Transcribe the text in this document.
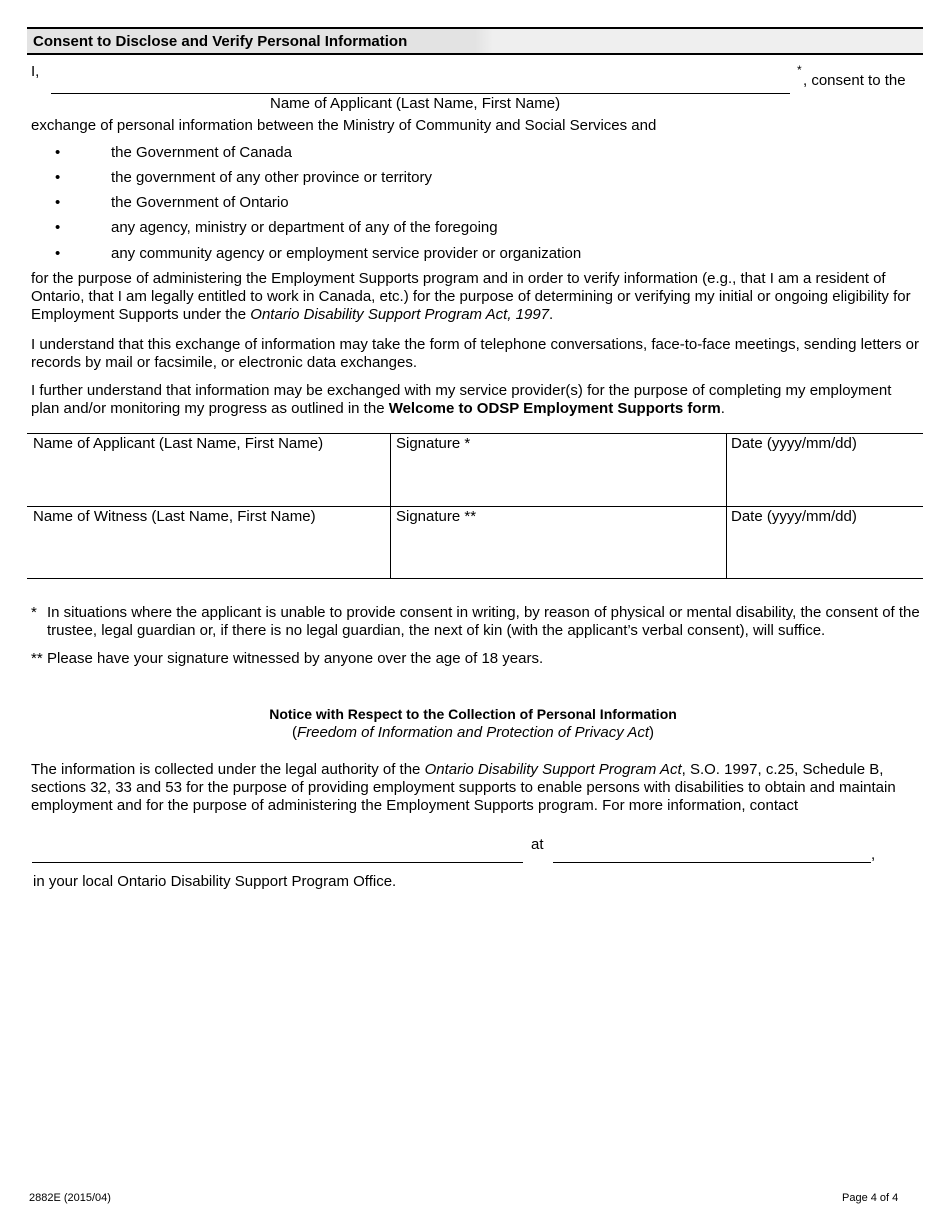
Consent to Disclose and Verify Personal Information
I,	*
, consent to the
Name of Applicant (Last Name, First Name)
exchange of personal information between the Ministry of Community and Social Services and
•	the Government of Canada
•	the government of any other province or territory
•	the Government of Ontario
•	any agency, ministry or department of any of the foregoing
•	any community agency or employment service provider or organization
for the purpose of administering the Employment Supports program and in order to verify information (e.g., that I am a resident of Ontario, that I am legally entitled to work in Canada, etc.) for the purpose of determining or verifying my initial or ongoing eligibility for Employment Supports under the Ontario Disability Support Program Act, 1997.
I understand that this exchange of information may take the form of telephone conversations, face-to-face meetings, sending letters or records by mail or facsimile, or electronic data exchanges.
I further understand that information may be exchanged with my service provider(s) for the purpose of completing my employment plan and/or monitoring my progress as outlined in the Welcome to ODSP Employment Supports form.
Name of Applicant (Last Name, First Name)	Signature *	Date (yyyy/mm/dd)
Name of Witness (Last Name, First Name)	Signature **	Date (yyyy/mm/dd)
* In situations where the applicant is unable to provide consent in writing, by reason of physical or mental disability, the consent of the trustee, legal guardian or, if there is no legal guardian, the next of kin (with the applicant’s verbal consent), will suffice.
** Please have your signature witnessed by anyone over the age of 18 years.
Notice with Respect to the Collection of Personal Information
(Freedom of Information and Protection of Privacy Act)
The information is collected under the legal authority of the Ontario Disability Support Program Act, S.O. 1997, c.25, Schedule B, sections 32, 33 and 53 for the purpose of providing employment supports to enable persons with disabilities to obtain and maintain employment and for the purpose of administering the Employment Supports program. For more information, contact
at
,
in your local Ontario Disability Support Program Office.
2882E (2015/04)	Page 4 of 4
